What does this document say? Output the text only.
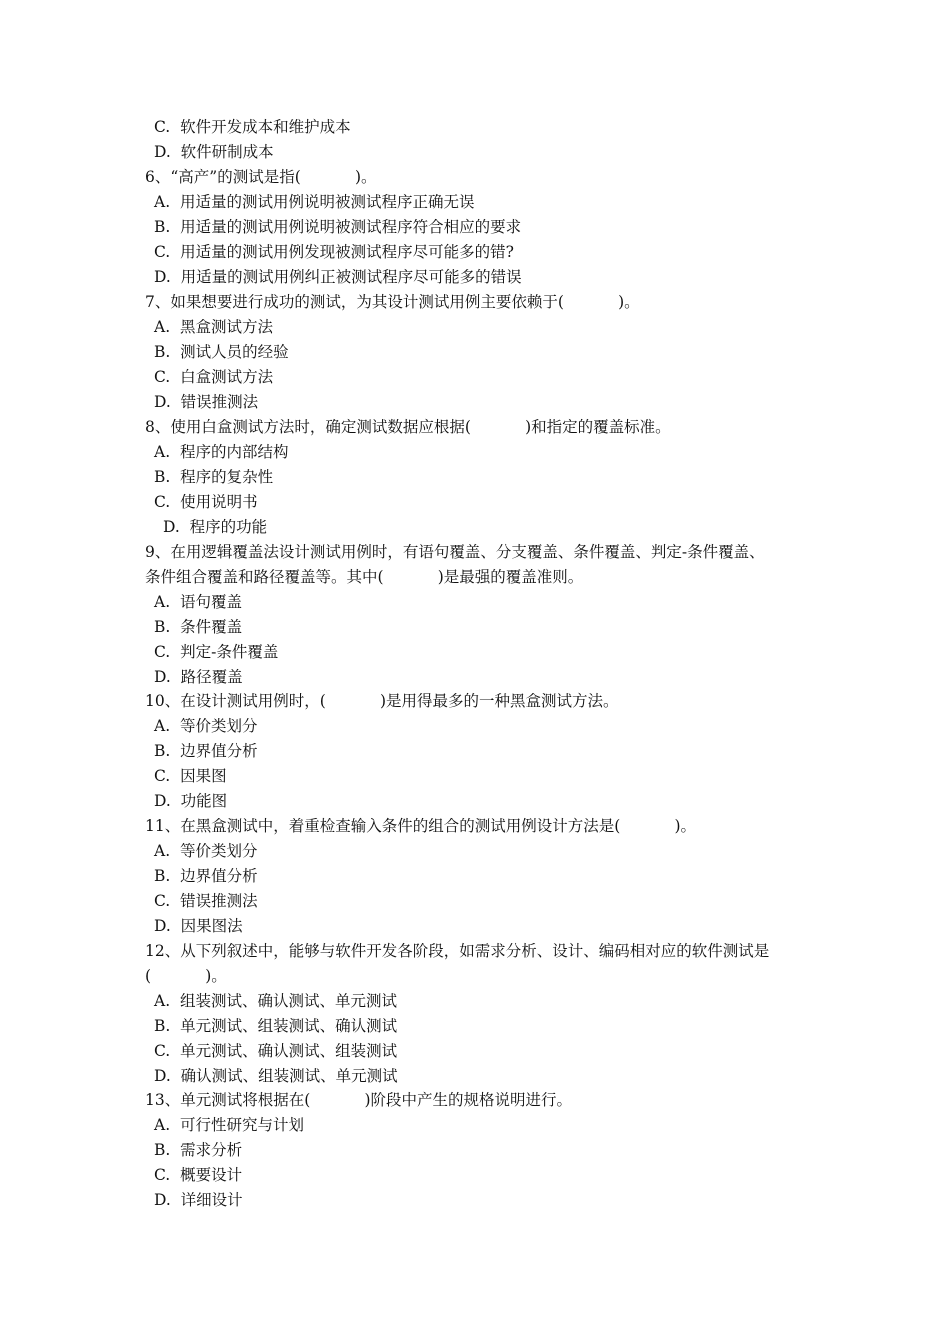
C.  软件开发成本和维护成本

D.  软件研制成本

6、“高产”的测试是指(           )。

A.  用适量的测试用例说明被测试程序正确无误

B.  用适量的测试用例说明被测试程序符合相应的要求

C.  用适量的测试用例发现被测试程序尽可能多的错?

D.  用适量的测试用例纠正被测试程序尽可能多的错误

7、如果想要进行成功的测试，为其设计测试用例主要依赖于(           )。

A.  黑盒测试方法

B.  测试人员的经验

C.  白盒测试方法

D.  错误推测法

8、使用白盒测试方法时，确定测试数据应根据(           )和指定的覆盖标准。

A.  程序的内部结构

B.  程序的复杂性

C.  使用说明书

D.  程序的功能

9、在用逻辑覆盖法设计测试用例时，有语句覆盖、分支覆盖、条件覆盖、判定-条件覆盖、

条件组合覆盖和路径覆盖等。其中(           )是最强的覆盖准则。

A.  语句覆盖

B.  条件覆盖

C.  判定-条件覆盖

D.  路径覆盖

10、在设计测试用例时，(           )是用得最多的一种黑盒测试方法。

A.  等价类划分

B.  边界值分析

C.  因果图

D.  功能图

11、在黑盒测试中，着重检查输入条件的组合的测试用例设计方法是(           )。

A.  等价类划分

B.  边界值分析

C.  错误推测法

D.  因果图法

12、从下列叙述中，能够与软件开发各阶段，如需求分析、设计、编码相对应的软件测试是

(           )。

A.  组装测试、确认测试、单元测试

B.  单元测试、组装测试、确认测试

C.  单元测试、确认测试、组装测试

D.  确认测试、组装测试、单元测试

13、单元测试将根据在(           )阶段中产生的规格说明进行。

A.  可行性研究与计划

B.  需求分析

C.  概要设计

D.  详细设计
